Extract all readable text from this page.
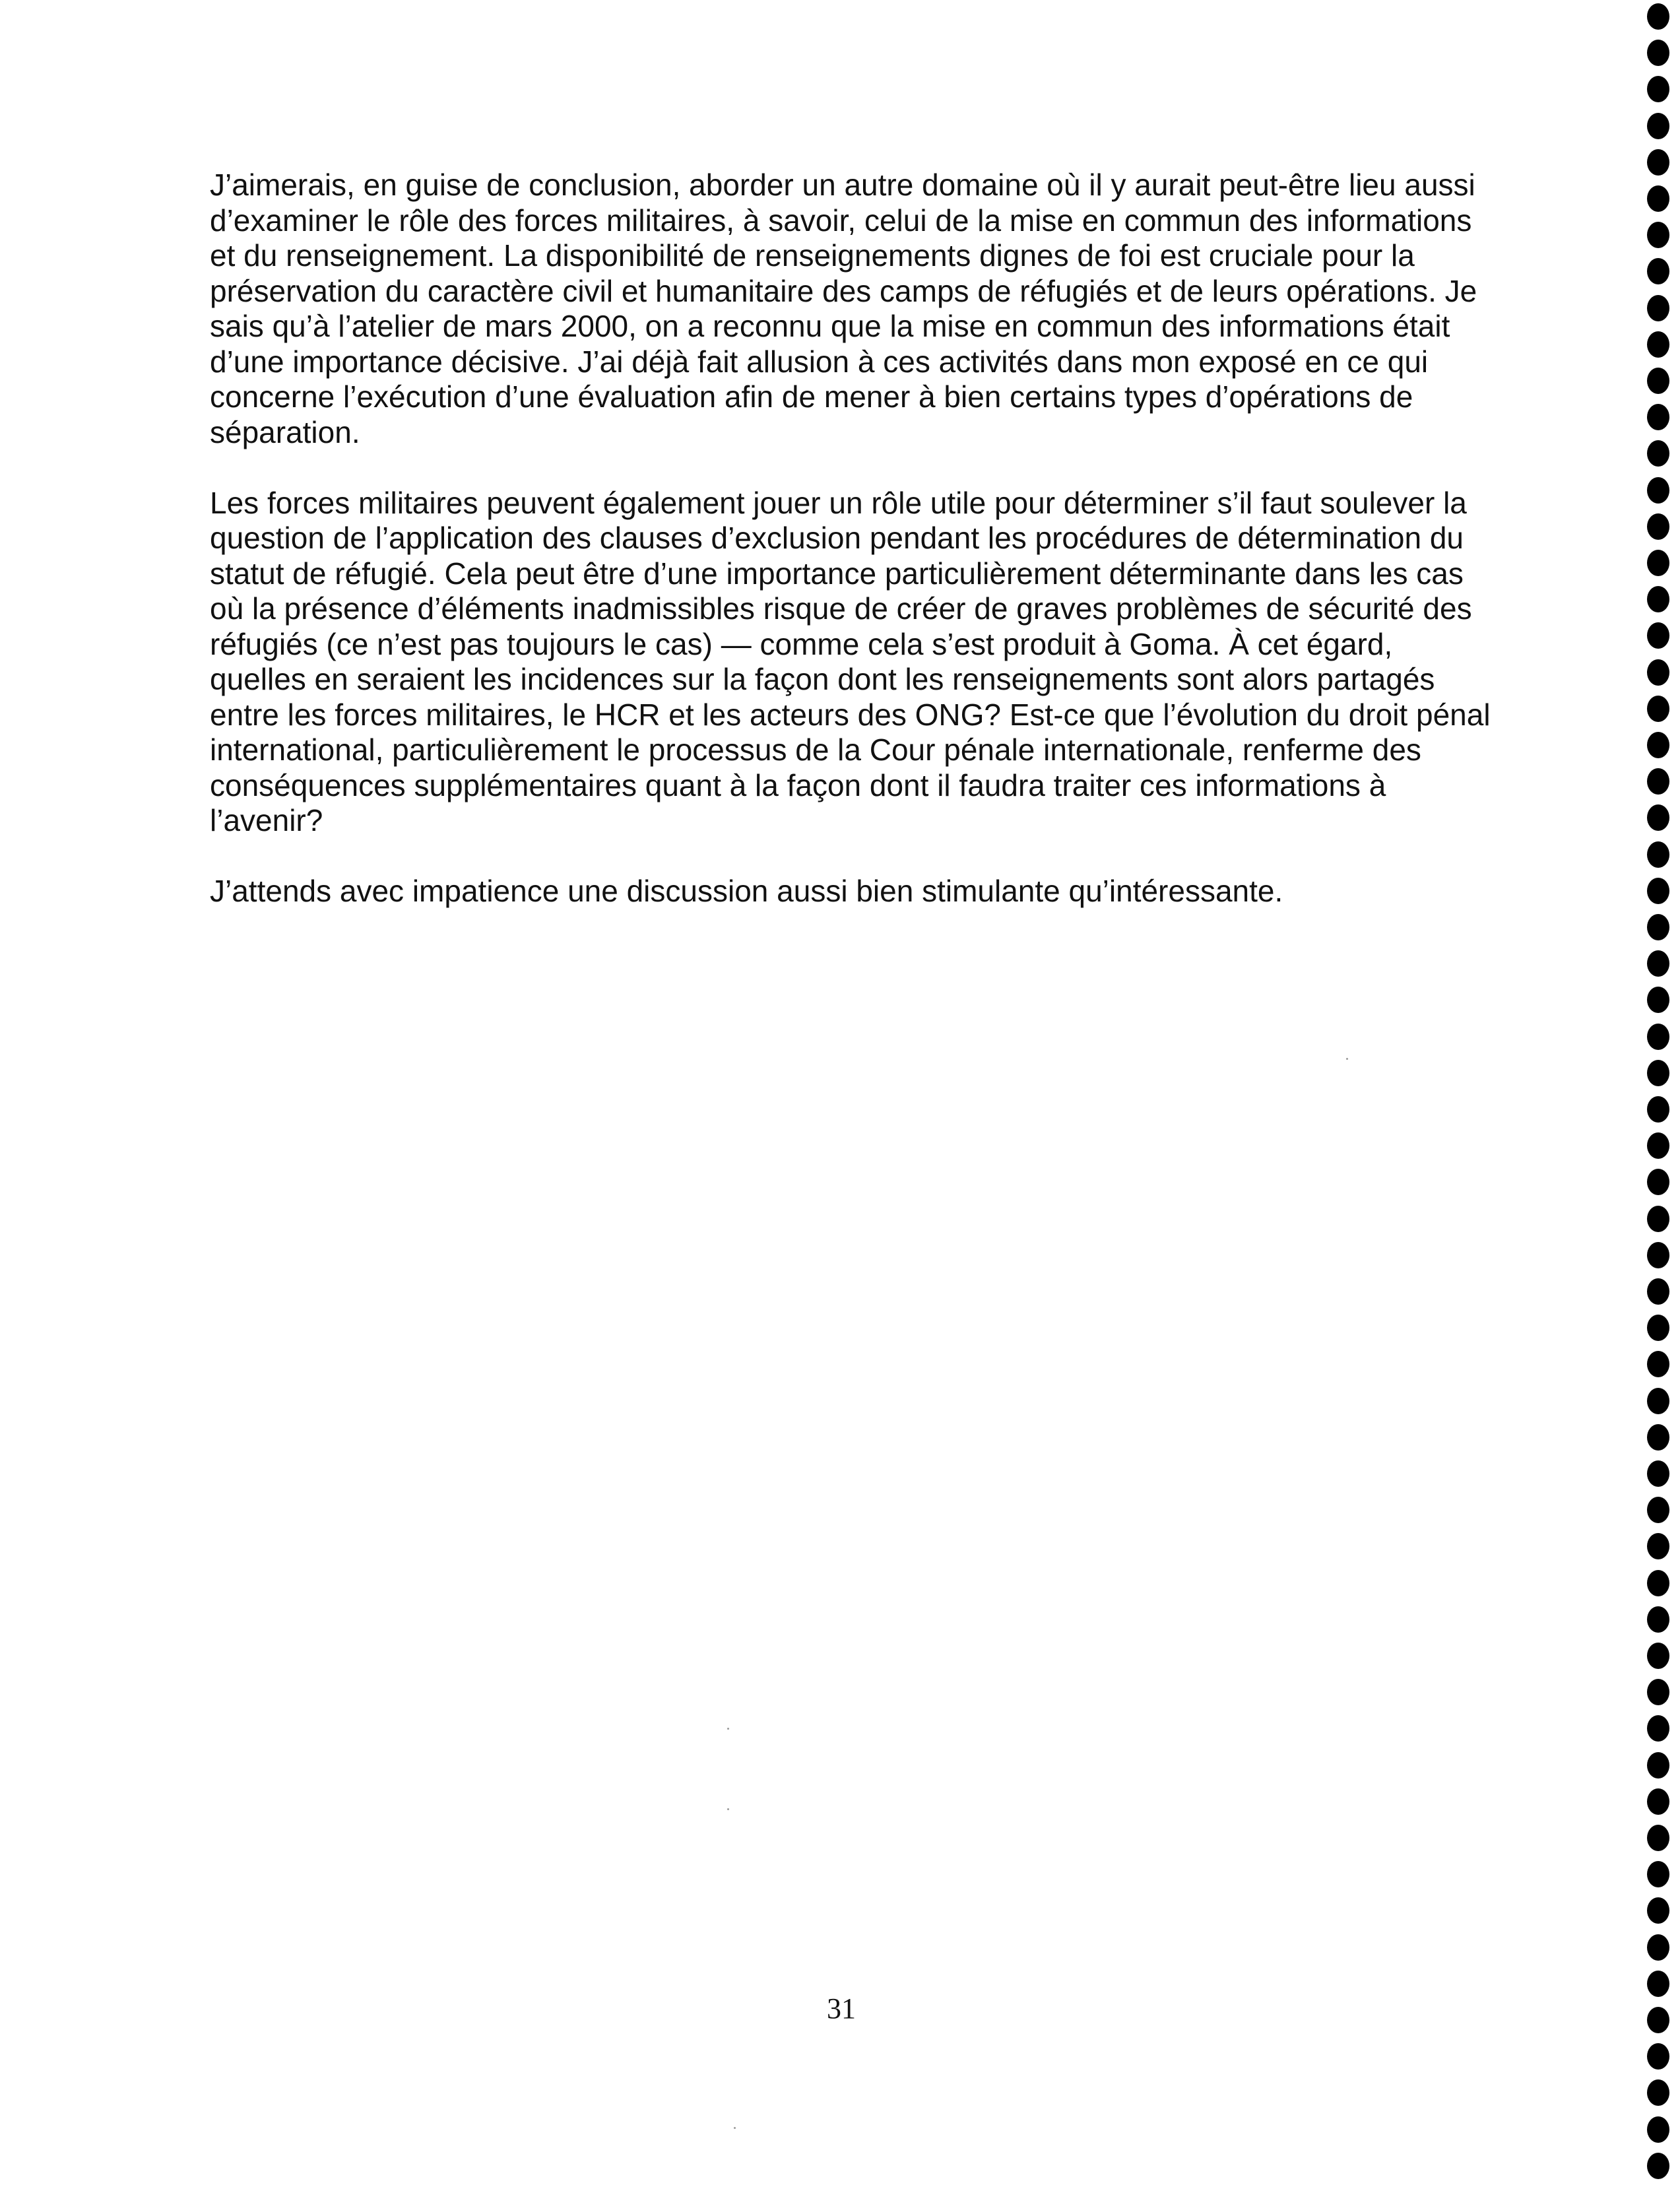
J’aimerais, en guise de conclusion, aborder un autre domaine où il y aurait peut-être lieu aussi d’examiner le rôle des forces militaires, à savoir, celui de la mise en commun des informations et du renseignement. La disponibilité de renseignements dignes de foi est cruciale pour la préservation du caractère civil et humanitaire des camps de réfugiés et de leurs opérations. Je sais qu’à l’atelier de mars 2000, on a reconnu que la mise en commun des informations était d’une importance décisive. J’ai déjà fait allusion à ces activités dans mon exposé en ce qui concerne l’exécution d’une évaluation afin de mener à bien certains types d’opérations de séparation.

Les forces militaires peuvent également jouer un rôle utile pour déterminer s’il faut soulever la question de l’application des clauses d’exclusion pendant les procédures de détermination du statut de réfugié. Cela peut être d’une importance particulièrement déterminante dans les cas où la présence d’éléments inadmissibles risque de créer de graves problèmes de sécurité des réfugiés (ce n’est pas toujours le cas) — comme cela s’est produit à Goma. À cet égard, quelles en seraient les incidences sur la façon dont les renseignements sont alors partagés entre les forces militaires, le HCR et les acteurs des ONG? Est-ce que l’évolution du droit pénal international, particulièrement le processus de la Cour pénale internationale, renferme des conséquences supplémentaires quant à la façon dont il faudra traiter ces informations à l’avenir?

J’attends avec impatience une discussion aussi bien stimulante qu’intéressante.

31
